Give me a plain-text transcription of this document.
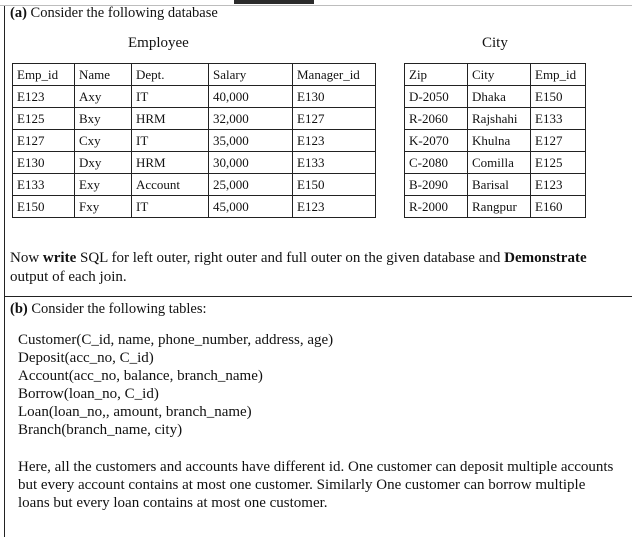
(a) Consider the following database
Employee	City
Emp_id	Name	Dept.	Salary	Manager_id
E123	Axy	IT	40,000	E130
E125	Bxy	HRM	32,000	E127
E127	Cxy	IT	35,000	E123
E130	Dxy	HRM	30,000	E133
E133	Exy	Account	25,000	E150
E150	Fxy	IT	45,000	E123
Zip	City	Emp_id
D-2050	Dhaka	E150
R-2060	Rajshahi	E133
K-2070	Khulna	E127
C-2080	Comilla	E125
B-2090	Barisal	E123
R-2000	Rangpur	E160
Now write SQL for left outer, right outer and full outer on the given database and Demonstrate
output of each join.
(b) Consider the following tables:
Customer(C_id, name, phone_number, address, age)
Deposit(acc_no, C_id)
Account(acc_no, balance, branch_name)
Borrow(loan_no, C_id)
Loan(loan_no,, amount, branch_name)
Branch(branch_name, city)
Here, all the customers and accounts have different id. One customer can deposit multiple accounts but every account contains at most one customer. Similarly One customer can borrow multiple loans but every loan contains at most one customer.
